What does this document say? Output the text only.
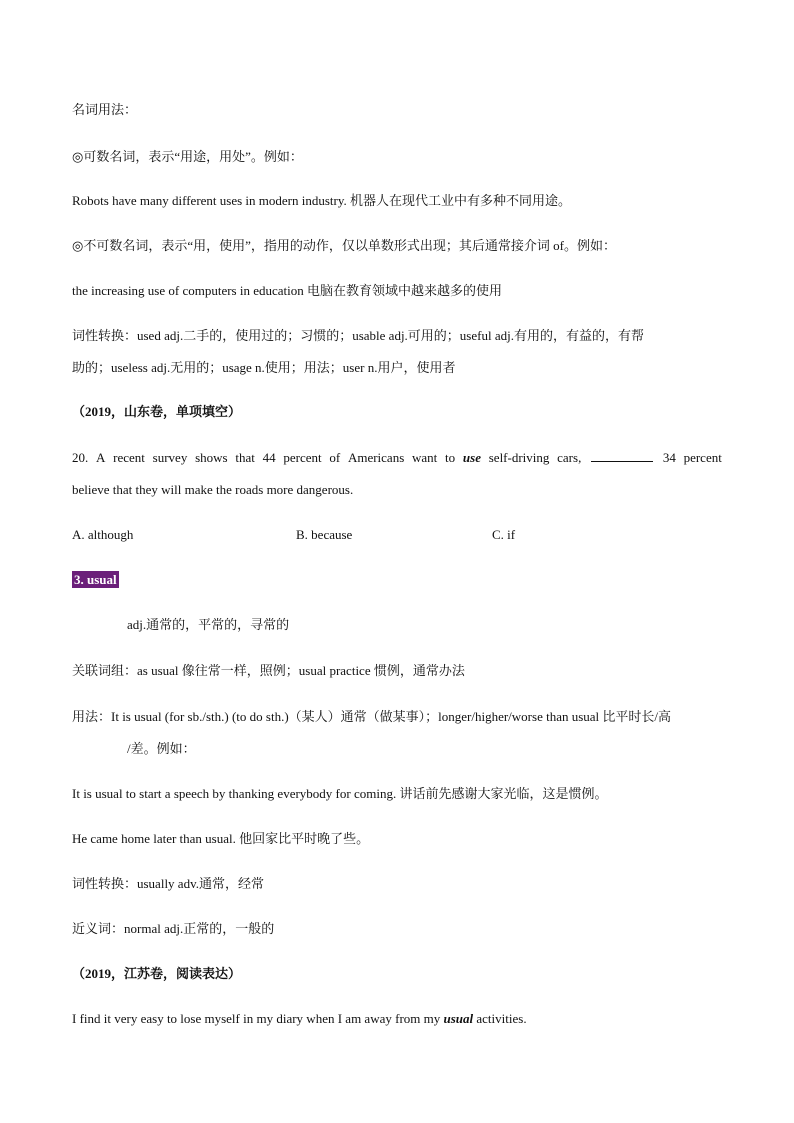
名词用法：
◎可数名词，表示“用途，用处”。例如：
Robots have many different uses in modern industry. 机器人在现代工业中有多种不同用途。
◎不可数名词，表示“用，使用”，指用的动作，仅以单数形式出现；其后通常接介词 of。例如：
the increasing use of computers in education 电脑在教育领域中越来越多的使用
词性转换：used adj.二手的，使用过的；习惯的；usable adj.可用的；useful adj.有用的，有益的，有帮
助的；useless adj.无用的；usage n.使用；用法；user n.用户，使用者
（2019，山东卷，单项填空）
20. A recent survey shows that 44 percent of Americans want to use self-driving cars,	34 percent
believe that they will make the roads more dangerous.
A. although	B. because	C. if
3. usual
adj.通常的，平常的，寻常的
关联词组：as usual 像往常一样，照例；usual practice 惯例，通常办法
用法：It is usual (for sb./sth.) (to do sth.)（某人）通常（做某事）；longer/higher/worse than usual 比平时长/高
/差。例如：
It is usual to start a speech by thanking everybody for coming. 讲话前先感谢大家光临，这是惯例。
He came home later than usual. 他回家比平时晚了些。
词性转换：usually adv.通常，经常
近义词：normal adj.正常的，一般的
（2019，江苏卷，阅读表达）
I find it very easy to lose myself in my diary when I am away from my usual activities.
